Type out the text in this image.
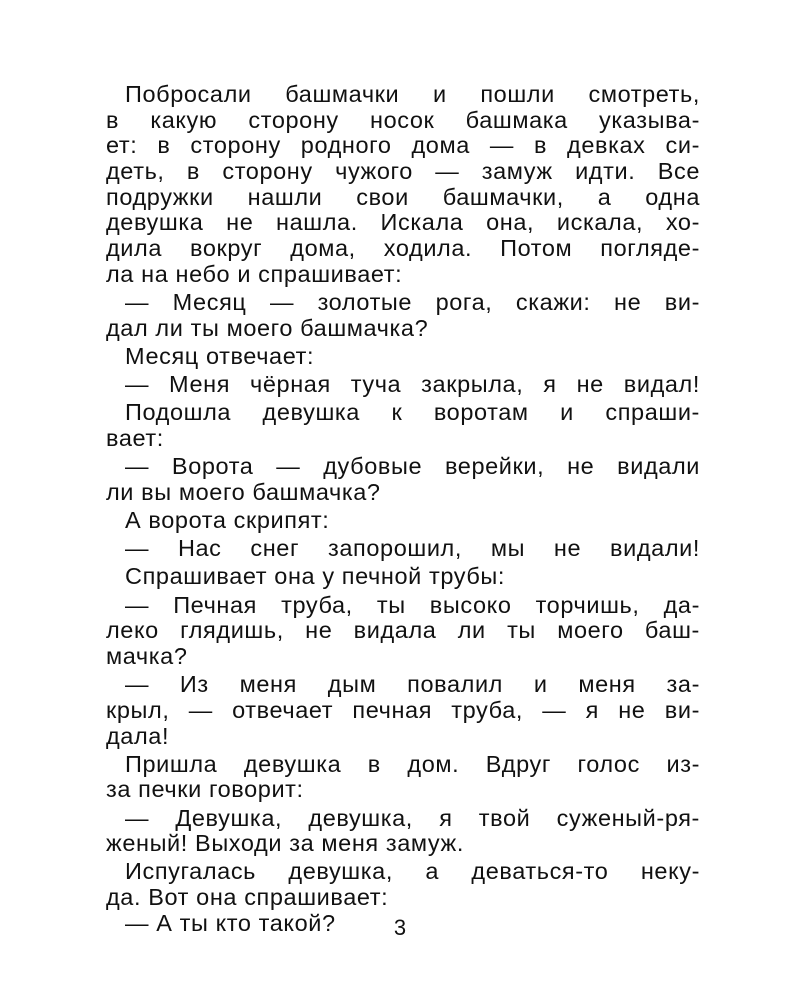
Побросали башмачки и пошли смотреть,
в какую сторону носок башмака указыва-
ет: в сторону родного дома — в девках си-
деть, в сторону чужого — замуж идти. Все
подружки нашли свои башмачки, а одна
девушка не нашла. Искала она, искала, хо-
дила вокруг дома, ходила. Потом погляде-
ла на небо и спрашивает:
— Месяц — золотые рога, скажи: не ви-
дал ли ты моего башмачка?
Месяц отвечает:
— Меня чёрная туча закрыла, я не видал!
Подошла девушка к воротам и спраши-
вает:
— Ворота — дубовые верейки, не видали
ли вы моего башмачка?
А ворота скрипят:
— Нас снег запорошил, мы не видали!
Спрашивает она у печной трубы:
— Печная труба, ты высоко торчишь, да-
леко глядишь, не видала ли ты моего баш-
мачка?
— Из меня дым повалил и меня за-
крыл, — отвечает печная труба, — я не ви-
дала!
Пришла девушка в дом. Вдруг голос из-
за печки говорит:
— Девушка, девушка, я твой суженый-ря-
женый! Выходи за меня замуж.
Испугалась девушка, а деваться-то неку-
да. Вот она спрашивает:
— А ты кто такой?	3
